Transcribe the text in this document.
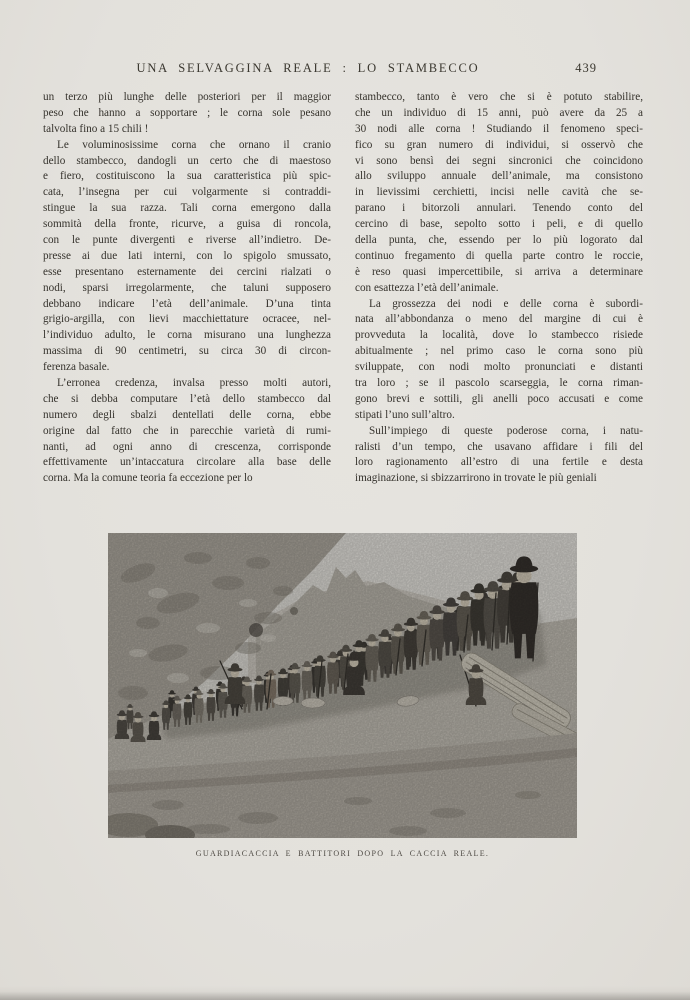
UNA SELVAGGINA REALE : LO STAMBECCO	439
un terzo più lunghe delle posteriori per il maggior
peso che hanno a sopportare ; le corna sole pesano
talvolta fino a 15 chili !
Le voluminosissime corna che ornano il cranio
dello stambecco, dandogli un certo che di maestoso
e fiero, costituiscono la sua caratteristica più spic-
cata, l’insegna per cui volgarmente si contraddi-
stingue la sua razza. Tali corna emergono dalla
sommità della fronte, ricurve, a guisa di roncola,
con le punte divergenti e riverse all’indietro. De-
presse ai due lati interni, con lo spigolo smussato,
esse presentano esternamente dei cercini rialzati o
nodi, sparsi irregolarmente, che taluni supposero
debbano indicare l’età dell’animale. D’una tinta
grigio-argilla, con lievi macchiettature ocracee, nel-
l’individuo adulto, le corna misurano una lunghezza
massima di 90 centimetri, su circa 30 di circon-
ferenza basale.
L’erronea credenza, invalsa presso molti autori,
che si debba computare l’età dello stambecco dal
numero degli sbalzi dentellati delle corna, ebbe
origine dal fatto che in parecchie varietà di rumi-
nanti, ad ogni anno di crescenza, corrisponde
effettivamente un’intaccatura circolare alla base delle
corna. Ma la comune teoria fa eccezione per lo
stambecco, tanto è vero che si è potuto stabilire,
che un individuo di 15 anni, può avere da 25 a
30 nodi alle corna ! Studiando il fenomeno speci-
fico su gran numero di individui, si osservò che
vi sono bensì dei segni sincronici che coincidono
allo sviluppo annuale dell’animale, ma consistono
in lievissimi cerchietti, incisi nelle cavità che se-
parano i bitorzoli annulari. Tenendo conto del
cercino di base, sepolto sotto i peli, e di quello
della punta, che, essendo per lo più logorato dal
continuo fregamento di quella parte contro le roccie,
è reso quasi impercettibile, si arriva a determinare
con esattezza l’età dell’animale.
La grossezza dei nodi e delle corna è subordi-
nata all’abbondanza o meno del margine di cui è
provveduta la località, dove lo stambecco risiede
abitualmente ; nel primo caso le corna sono più
sviluppate, con nodi molto pronunciati e distanti
tra loro ; se il pascolo scarseggia, le corna riman-
gono brevi e sottili, gli anelli poco accusati e come
stipati l’uno sull’altro.
Sull’impiego di queste poderose corna, i natu-
ralisti d’un tempo, che usavano affidare i fili del
loro ragionamento all’estro di una fertile e desta
imaginazione, si sbizzarrirono in trovate le più geniali
GUARDIACACCIA E BATTITORI DOPO LA CACCIA REALE.
